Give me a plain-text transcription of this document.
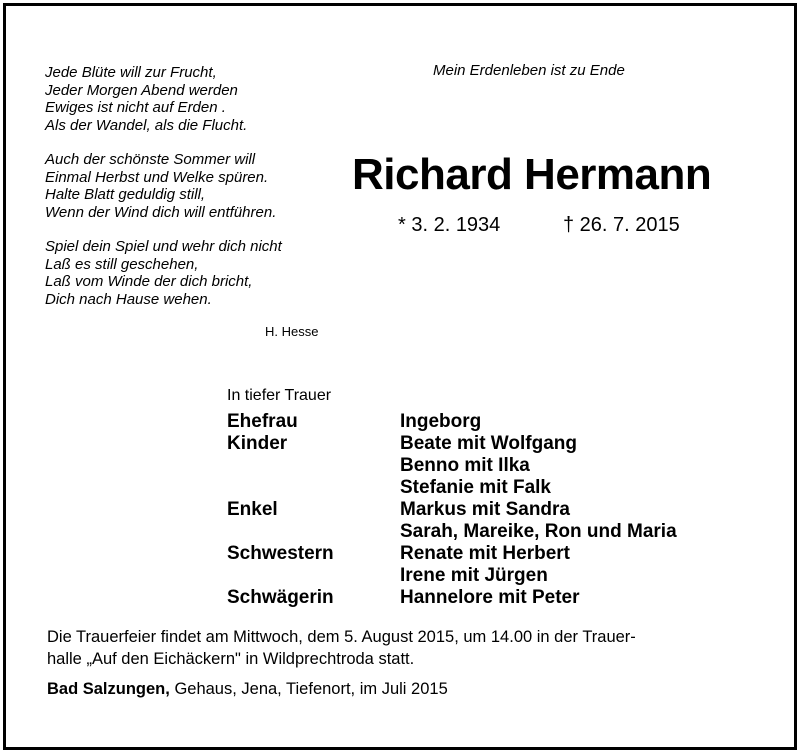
Jede Blüte will zur Frucht,
Jeder Morgen Abend werden
Ewiges ist nicht auf Erden .
Als der Wandel, als die Flucht.
Auch der schönste Sommer will
Einmal Herbst und Welke spüren.
Halte Blatt geduldig still,
Wenn der Wind dich will entführen.
Spiel dein Spiel und wehr dich nicht
Laß es still geschehen,
Laß vom Winde der dich bricht,
Dich nach Hause wehen.
H. Hesse
Mein Erdenleben ist zu Ende
Richard Hermann
* 3. 2. 1934	† 26. 7. 2015
In tiefer Trauer
Ehefrau	Ingeborg
Kinder	Beate mit Wolfgang
Benno mit Ilka
Stefanie mit Falk
Enkel	Markus mit Sandra
Sarah, Mareike, Ron und Maria
Schwestern	Renate mit Herbert
Irene mit Jürgen
Schwägerin	Hannelore mit Peter
Die Trauerfeier findet am Mittwoch, dem 5. August 2015, um 14.00 in der Trauer-
halle „Auf den Eichäckern" in Wildprechtroda statt.
Bad Salzungen, Gehaus, Jena, Tiefenort, im Juli 2015
